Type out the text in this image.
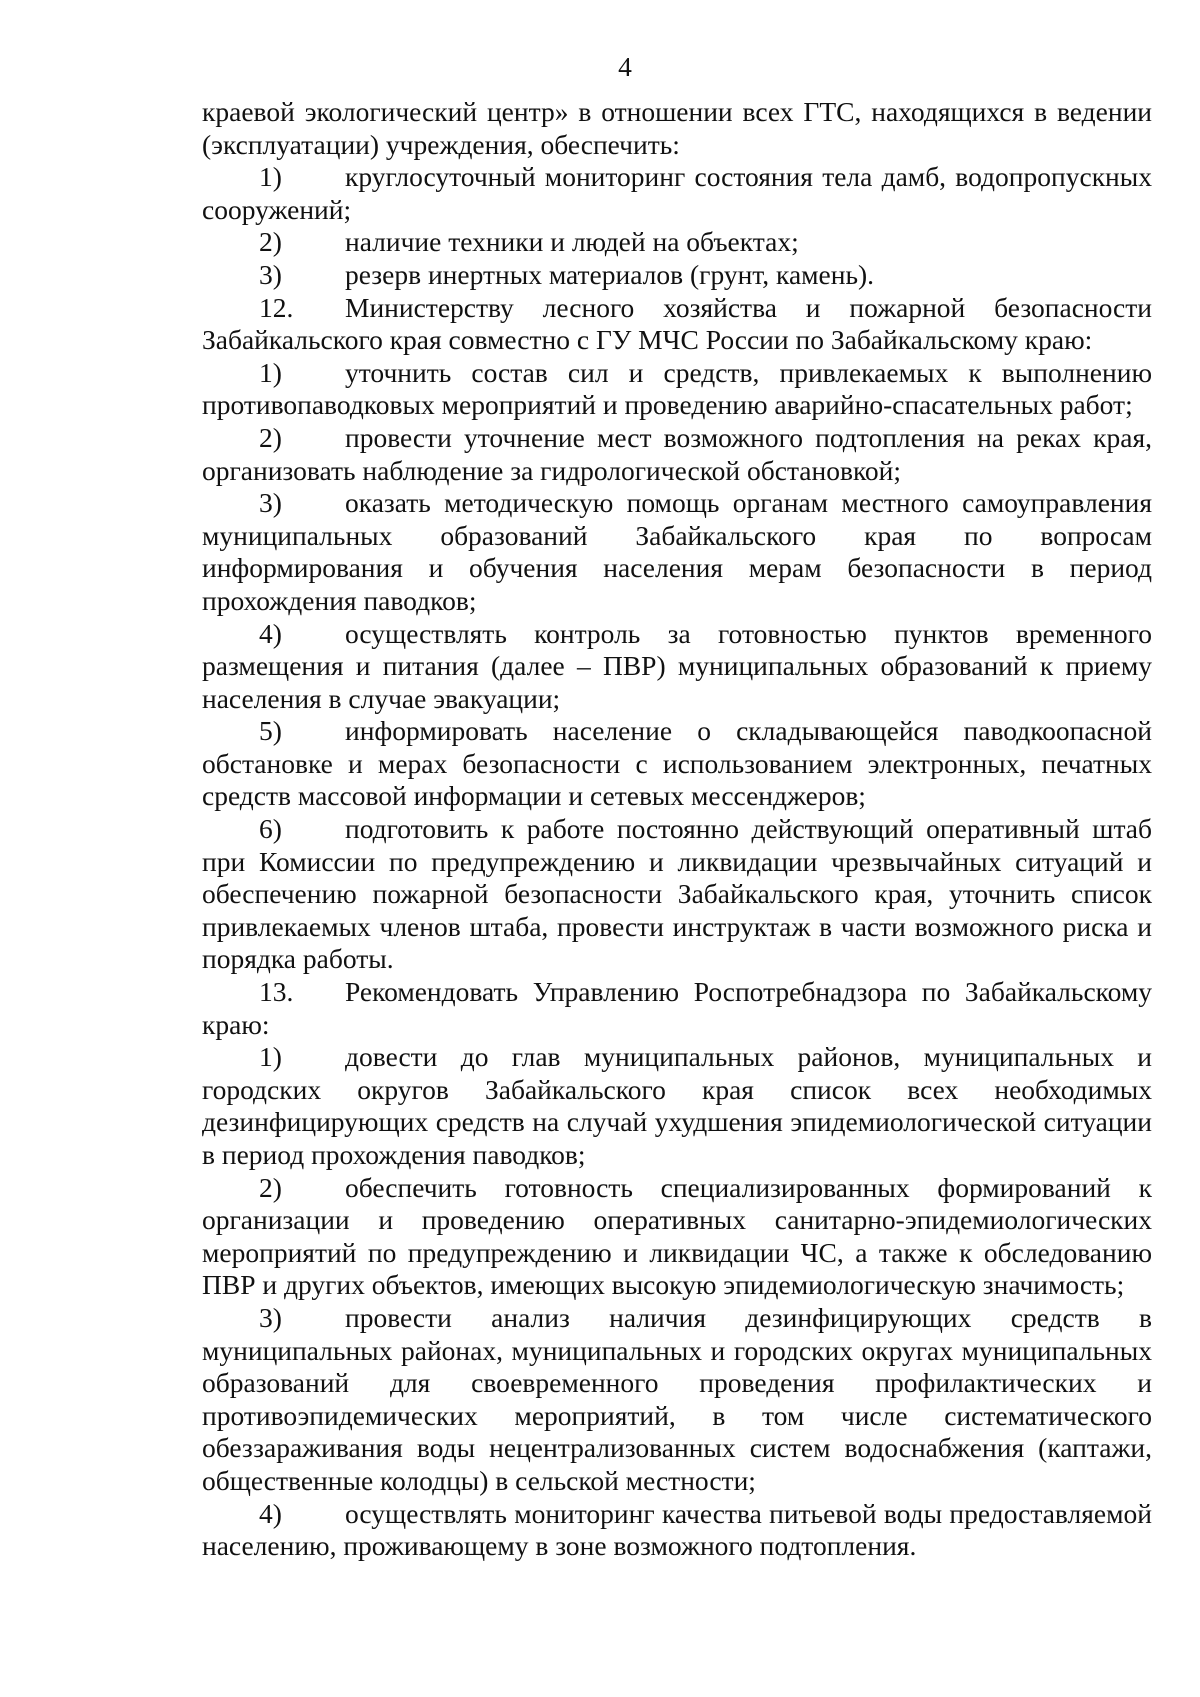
4

краевой экологический центр» в отношении всех ГТС, находящихся в ведении (эксплуатации) учреждения, обеспечить:

1) круглосуточный мониторинг состояния тела дамб, водопропускных сооружений;

2) наличие техники и людей на объектах;

3) резерв инертных материалов (грунт, камень).

12. Министерству лесного хозяйства и пожарной безопасности Забайкальского края совместно с ГУ МЧС России по Забайкальскому краю:

1) уточнить состав сил и средств, привлекаемых к выполнению противопаводковых мероприятий и проведению аварийно-спасательных работ;

2) провести уточнение мест возможного подтопления на реках края, организовать наблюдение за гидрологической обстановкой;

3) оказать методическую помощь органам местного самоуправления муниципальных образований Забайкальского края по вопросам информирования и обучения населения мерам безопасности в период прохождения паводков;

4) осуществлять контроль за готовностью пунктов временного размещения и питания (далее – ПВР) муниципальных образований к приему населения в случае эвакуации;

5) информировать население о складывающейся паводкоопасной обстановке и мерах безопасности с использованием электронных, печатных средств массовой информации и сетевых мессенджеров;

6) подготовить к работе постоянно действующий оперативный штаб при Комиссии по предупреждению и ликвидации чрезвычайных ситуаций и обеспечению пожарной безопасности Забайкальского края, уточнить список привлекаемых членов штаба, провести инструктаж в части возможного риска и порядка работы.

13. Рекомендовать Управлению Роспотребнадзора по Забайкальскому краю:

1) довести до глав муниципальных районов, муниципальных и городских округов Забайкальского края список всех необходимых дезинфицирующих средств на случай ухудшения эпидемиологической ситуации в период прохождения паводков;

2) обеспечить готовность специализированных формирований к организации и проведению оперативных санитарно-эпидемиологических мероприятий по предупреждению и ликвидации ЧС, а также к обследованию ПВР и других объектов, имеющих высокую эпидемиологическую значимость;

3) провести анализ наличия дезинфицирующих средств в муниципальных районах, муниципальных и городских округах муниципальных образований для своевременного проведения профилактических и противоэпидемических мероприятий, в том числе систематического обеззараживания воды нецентрализованных систем водоснабжения (каптажи, общественные колодцы) в сельской местности;

4) осуществлять мониторинг качества питьевой воды предоставляемой населению, проживающему в зоне возможного подтопления.
